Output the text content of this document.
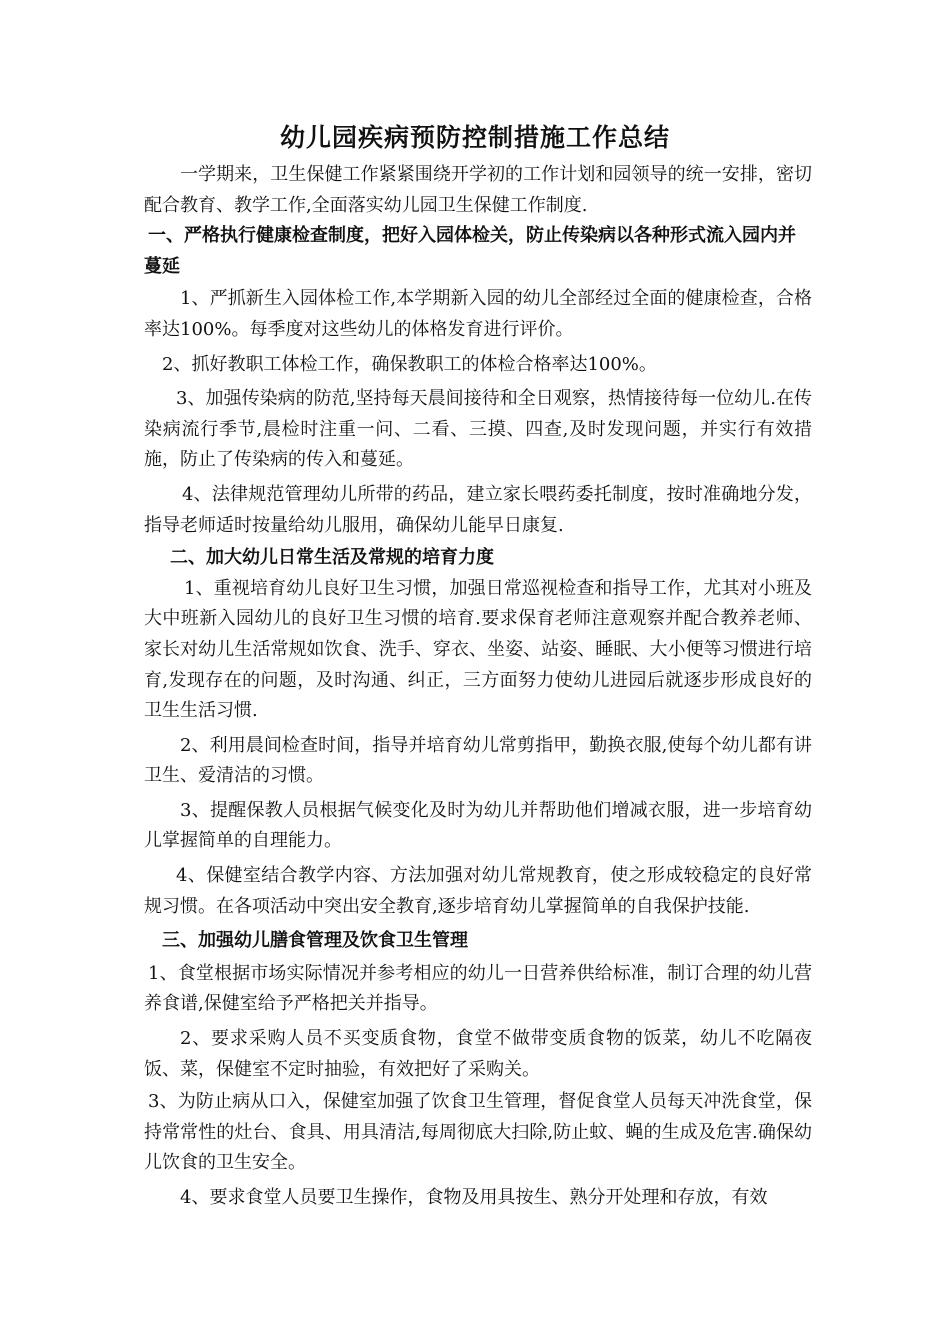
幼儿园疾病预防控制措施工作总结

一学期来，卫生保健工作紧紧围绕开学初的工作计划和园领导的统一安排，密切配合教育、教学工作,全面落实幼儿园卫生保健工作制度.

一、严格执行健康检查制度，把好入园体检关，防止传染病以各种形式流入园内并蔓延

1、严抓新生入园体检工作,本学期新入园的幼儿全部经过全面的健康检查，合格率达100%。每季度对这些幼儿的体格发育进行评价。

2、抓好教职工体检工作，确保教职工的体检合格率达100%。

3、加强传染病的防范,坚持每天晨间接待和全日观察，热情接待每一位幼儿.在传染病流行季节,晨检时注重一问、二看、三摸、四查,及时发现问题，并实行有效措施，防止了传染病的传入和蔓延。

4、法律规范管理幼儿所带的药品，建立家长喂药委托制度，按时准确地分发，指导老师适时按量给幼儿服用，确保幼儿能早日康复.

二、加大幼儿日常生活及常规的培育力度

1、重视培育幼儿良好卫生习惯，加强日常巡视检查和指导工作，尤其对小班及大中班新入园幼儿的良好卫生习惯的培育.要求保育老师注意观察并配合教养老师、家长对幼儿生活常规如饮食、洗手、穿衣、坐姿、站姿、睡眠、大小便等习惯进行培育,发现存在的问题，及时沟通、纠正，三方面努力使幼儿进园后就逐步形成良好的卫生生活习惯.

2、利用晨间检查时间，指导并培育幼儿常剪指甲，勤换衣服,使每个幼儿都有讲卫生、爱清洁的习惯。

3、提醒保教人员根据气候变化及时为幼儿并帮助他们增减衣服，进一步培育幼儿掌握简单的自理能力。

4、保健室结合教学内容、方法加强对幼儿常规教育，使之形成较稳定的良好常规习惯。在各项活动中突出安全教育,逐步培育幼儿掌握简单的自我保护技能.

三、加强幼儿膳食管理及饮食卫生管理

1、食堂根据市场实际情况并参考相应的幼儿一日营养供给标准，制订合理的幼儿营养食谱,保健室给予严格把关并指导。

2、要求采购人员不买变质食物，食堂不做带变质食物的饭菜，幼儿不吃隔夜饭、菜，保健室不定时抽验，有效把好了采购关。

3、为防止病从口入，保健室加强了饮食卫生管理，督促食堂人员每天冲洗食堂，保持常常性的灶台、食具、用具清洁,每周彻底大扫除,防止蚊、蝇的生成及危害.确保幼儿饮食的卫生安全。

4、要求食堂人员要卫生操作，食物及用具按生、熟分开处理和存放，有效
